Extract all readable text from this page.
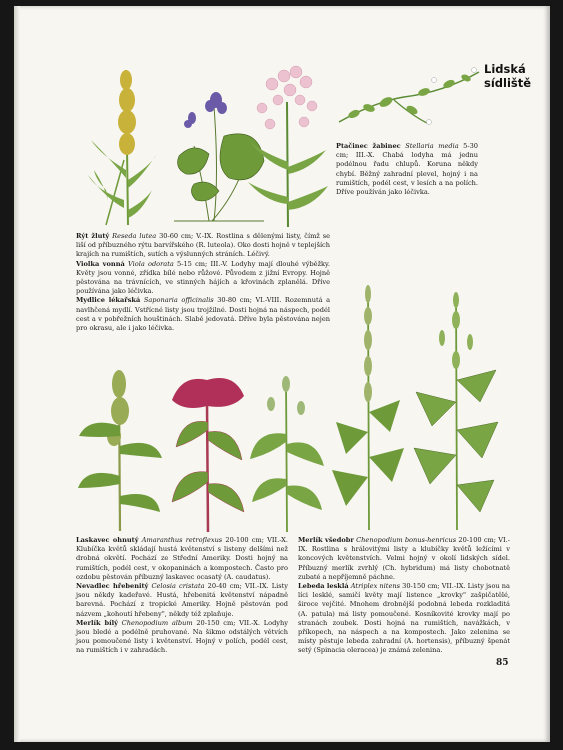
Lidská
sídliště

Ptačinec žabinec Stellaria media 5-30 cm; III.-X. Chabá lodyha má jednu podélnou řadu chlupů. Koruna někdy chybí. Běžný zahradní plevel, hojný i na rumištích, podél cest, v lesích a na polích. Dříve používán jako léčivka.

Rýt žlutý Reseda lutea 30-60 cm; V.-IX. Rostlina s dělenými listy, čímž se liší od příbuzného rýtu barvířského (R. luteola). Oko dosti hojně v teplejších krajích na rumištích, sutích a výslunných stráních. Léčivý.

Violka vonná Viola odorata 5-15 cm; III.-V. Lodyhy mají dlouhé výběžky. Květy jsou vonné, zřídka bílé nebo růžové. Původem z jižní Evropy. Hojně pěstována na trávnících, ve stinných hájích a křovinách zplanělá. Dříve používána jako léčivka.

Mydlice lékařská Saponaria officinalis 30-80 cm; VI.-VIII. Rozemnutá a navlhčená mydlí. Vstřícné listy jsou trojžilné. Dosti hojná na náspech, podél cest a v pobřežních houštinách. Slabě jedovatá. Dříve byla pěstována nejen pro okrasu, ale i jako léčivka.

Laskavec ohnutý Amaranthus retroflexus 20-100 cm; VII.-X. Klubíčka květů skládají hustá květenství s listeny delšími než drobná okvětí. Pochází ze Střední Ameriky. Dosti hojný na rumištích, podél cest, v okopaninách a kompostech. Často pro ozdobu pěstován příbuzný laskavec ocasatý (A. caudatus).

Nevadlec hřebenitý Celosia cristata 20-40 cm; VII.-IX. Listy jsou někdy kadeřavé. Hustá, hřebenitá květenství nápadně barevná. Pochází z tropické Ameriky. Hojně pěstován pod názvem „kohoutí hřebeny", někdy též zplaňuje.

Merlík bílý Chenopodium album 20-150 cm; VII.-X. Lodyhy jsou bledé a podélně pruhované. Na šikmo odstálých větvích jsou pomoučené listy i květenství. Hojný v polích, podél cest, na rumištích i v zahradách.

Merlík všedobr Chenopodium bonus-henricus 20-100 cm; VI.-IX. Rostlina s hrálovitými listy a klubíčky květů ležícími v koncových květenstvích. Velmi hojný v okolí lidských sídel. Příbuzný merlík zvrhlý (Ch. hybridum) má listy chobotnatě zubaté a nepříjemně páchne.

Lebeda lesklá Atriplex nitens 30-150 cm; VII.-IX. Listy jsou na líci lesklé, samičí květy mají listence „krovky" zašpičatělé, široce vejčité. Mnohem drobnější podobná lebeda rozkladitá (A. patula) má listy pomoučené. Kosníkovité krovky mají po stranách zoubek. Dosti hojná na rumištích, navážkách, v příkopech, na náspech a na kompostech. Jako zelenina se místy pěstuje lebeda zahradní (A. hortensis), příbuzný špenát setý (Spinacia oleracea) je známá zelenina.

85
